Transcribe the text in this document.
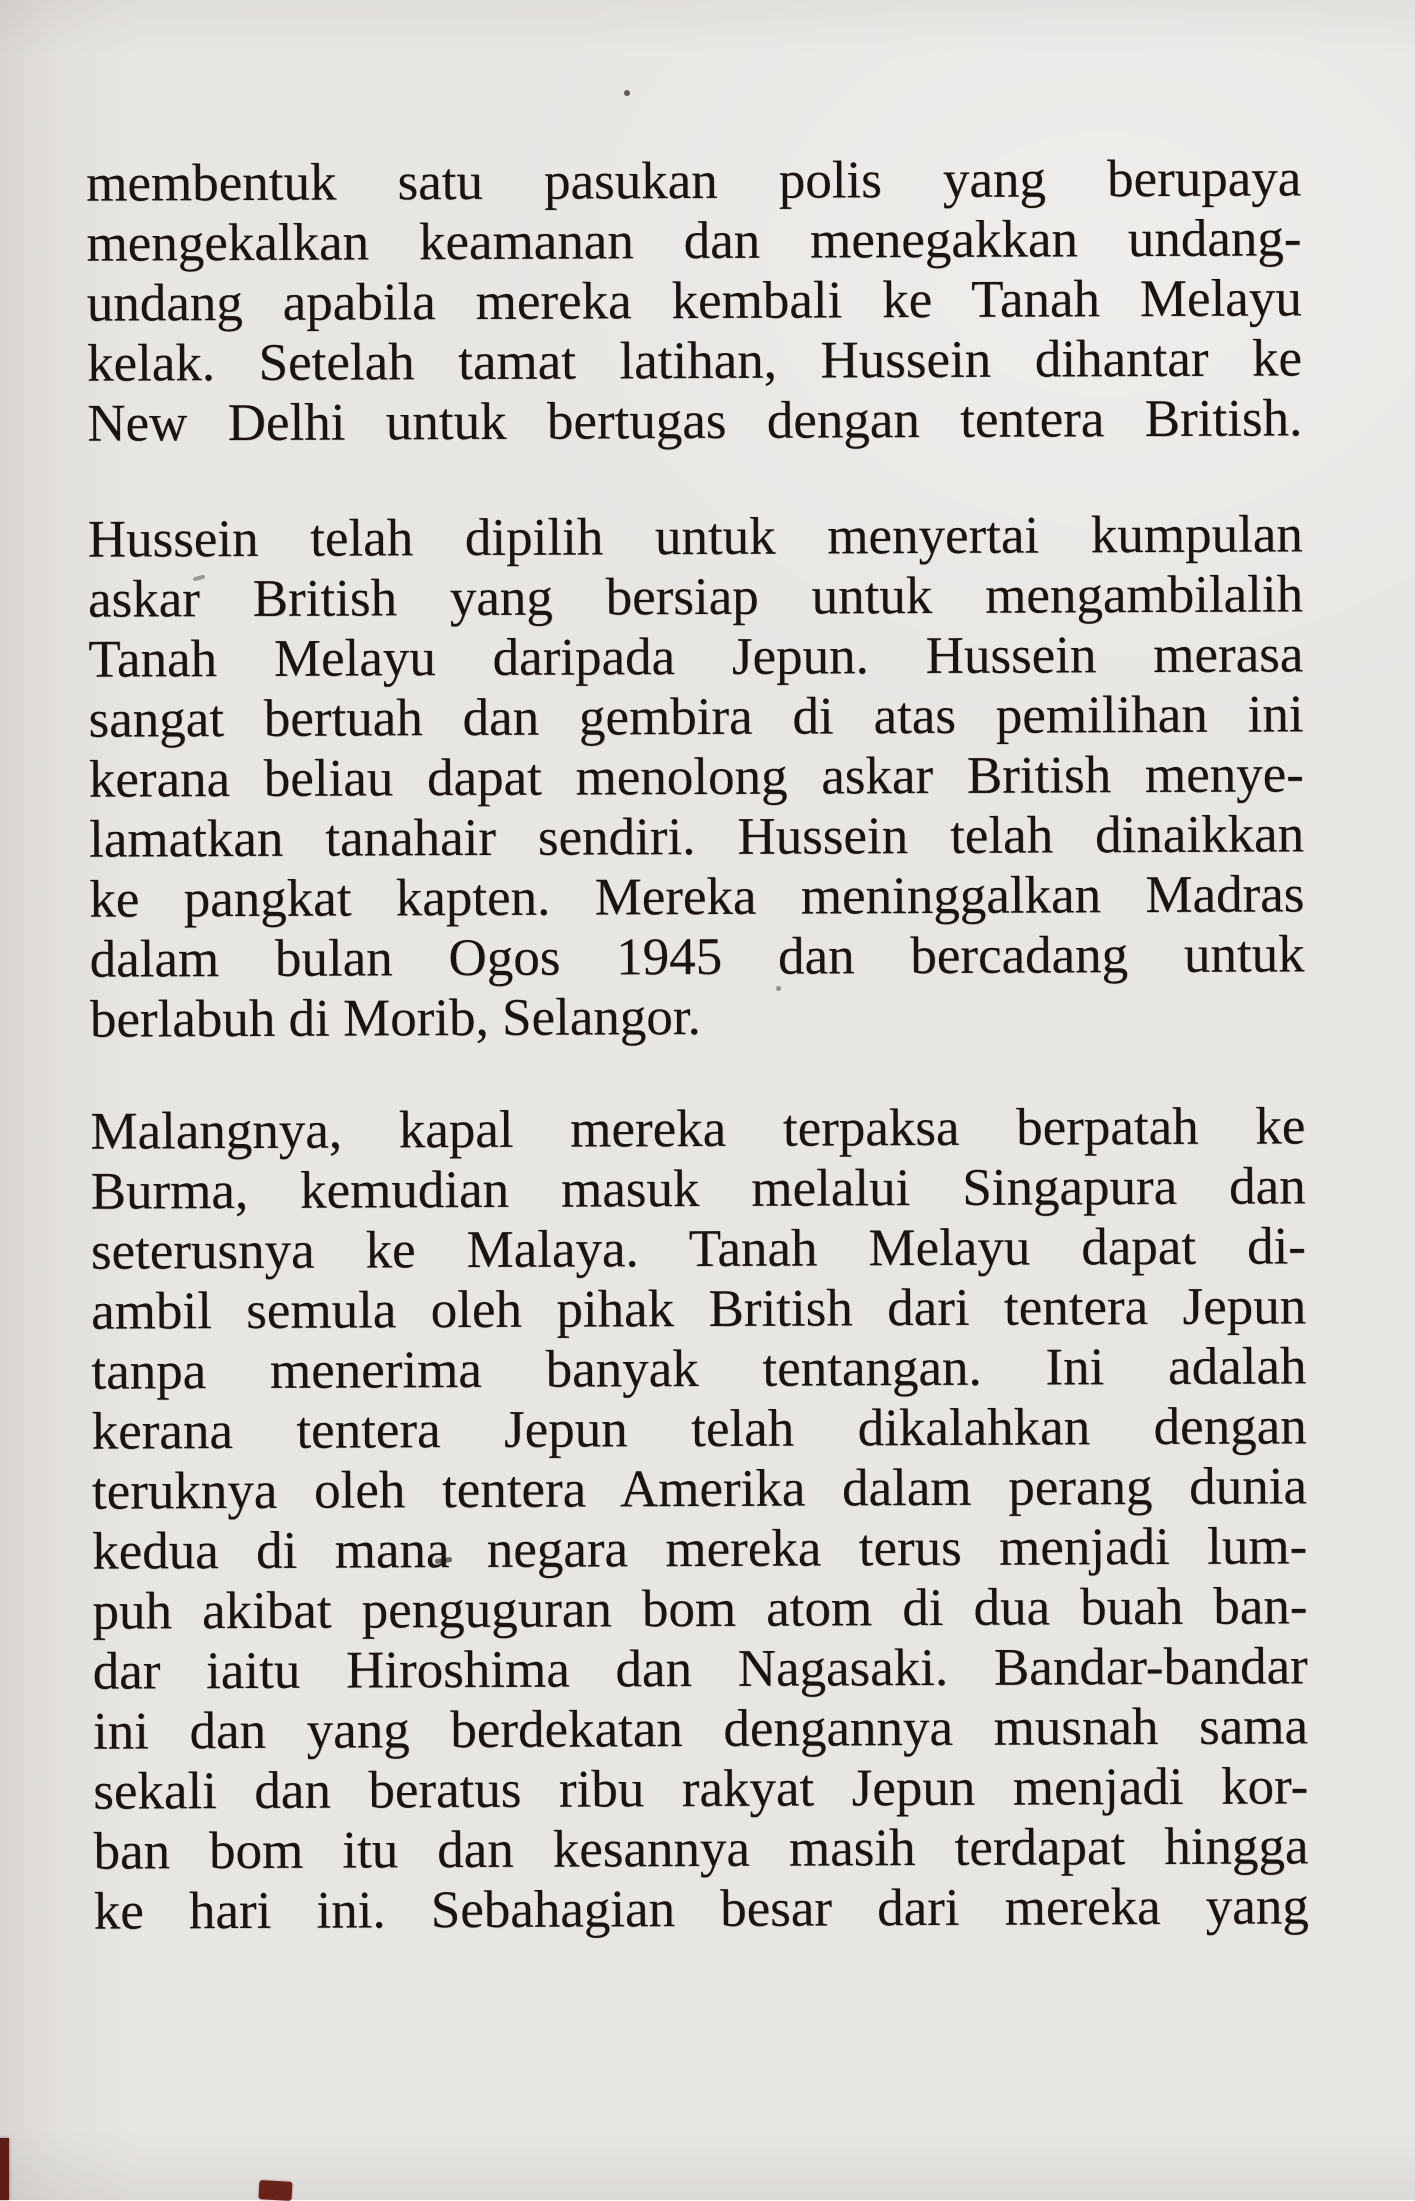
membentuk satu pasukan polis yang berupaya
mengekalkan keamanan dan menegakkan undang-
undang apabila mereka kembali ke Tanah Melayu
kelak. Setelah tamat latihan, Hussein dihantar ke
New Delhi untuk bertugas dengan tentera British.
Hussein telah dipilih untuk menyertai kumpulan
askar British yang bersiap untuk mengambilalih
Tanah Melayu daripada Jepun. Hussein merasa
sangat bertuah dan gembira di atas pemilihan ini
kerana beliau dapat menolong askar British menye-
lamatkan tanahair sendiri. Hussein telah dinaikkan
ke pangkat kapten. Mereka meninggalkan Madras
dalam bulan Ogos 1945 dan bercadang untuk
berlabuh di Morib, Selangor.
Malangnya, kapal mereka terpaksa berpatah ke
Burma, kemudian masuk melalui Singapura dan
seterusnya ke Malaya. Tanah Melayu dapat di-
ambil semula oleh pihak British dari tentera Jepun
tanpa menerima banyak tentangan. Ini adalah
kerana tentera Jepun telah dikalahkan dengan
teruknya oleh tentera Amerika dalam perang dunia
kedua di mana negara mereka terus menjadi lum-
puh akibat penguguran bom atom di dua buah ban-
dar iaitu Hiroshima dan Nagasaki. Bandar-bandar
ini dan yang berdekatan dengannya musnah sama
sekali dan beratus ribu rakyat Jepun menjadi kor-
ban bom itu dan kesannya masih terdapat hingga
ke hari ini. Sebahagian besar dari mereka yang
